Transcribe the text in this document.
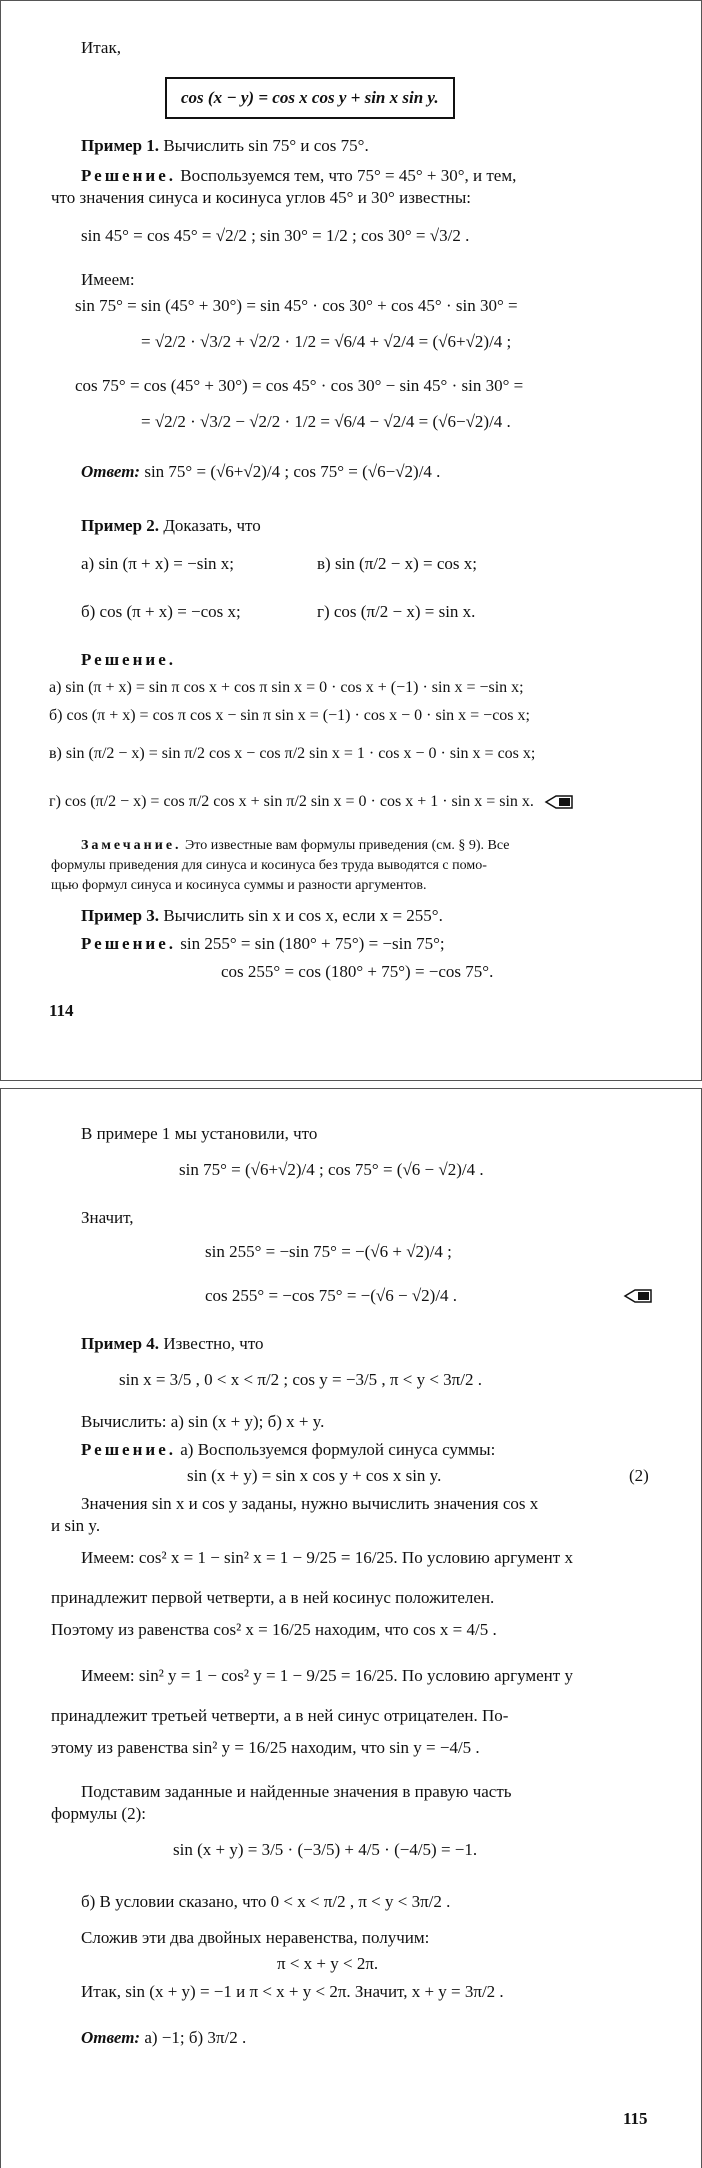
Итак,
cos (x − y) = cos x cos y + sin x sin y.
Пример 1. Вычислить sin 75° и cos 75°.
Решение. Воспользуемся тем, что 75° = 45° + 30°, и тем,
что значения синуса и косинуса углов 45° и 30° известны:
sin 45° = cos 45° = √2/2 ; sin 30° = 1/2 ; cos 30° = √3/2 .
Имеем:
sin 75° = sin (45° + 30°) = sin 45° · cos 30° + cos 45° · sin 30° =
= √2/2 · √3/2 + √2/2 · 1/2 = √6/4 + √2/4 = (√6+√2)/4 ;
cos 75° = cos (45° + 30°) = cos 45° · cos 30° − sin 45° · sin 30° =
= √2/2 · √3/2 − √2/2 · 1/2 = √6/4 − √2/4 = (√6−√2)/4 .
Ответ: sin 75° = (√6+√2)/4 ; cos 75° = (√6−√2)/4 .
Пример 2. Доказать, что
а) sin (π + x) = −sin x;	в) sin (π/2 − x) = cos x;
б) cos (π + x) = −cos x;	г) cos (π/2 − x) = sin x.
Решение.
а) sin (π + x) = sin π cos x + cos π sin x = 0 · cos x + (−1) · sin x = −sin x;
б) cos (π + x) = cos π cos x − sin π sin x = (−1) · cos x − 0 · sin x = −cos x;
в) sin (π/2 − x) = sin π/2 cos x − cos π/2 sin x = 1 · cos x − 0 · sin x = cos x;
г) cos (π/2 − x) = cos π/2 cos x + sin π/2 sin x = 0 · cos x + 1 · sin x = sin x.
Замечание. Это известные вам формулы приведения (см. § 9). Все
формулы приведения для синуса и косинуса без труда выводятся с помо-
щью формул синуса и косинуса суммы и разности аргументов.
Пример 3. Вычислить sin x и cos x, если x = 255°.
Решение. sin 255° = sin (180° + 75°) = −sin 75°;
cos 255° = cos (180° + 75°) = −cos 75°.
114
В примере 1 мы установили, что
sin 75° = (√6+√2)/4 ; cos 75° = (√6 − √2)/4 .
Значит,
sin 255° = −sin 75° = −(√6 + √2)/4 ;
cos 255° = −cos 75° = −(√6 − √2)/4 .
Пример 4. Известно, что
sin x = 3/5 , 0 < x < π/2 ; cos y = −3/5 , π < y < 3π/2 .
Вычислить: а) sin (x + y); б) x + y.
Решение. а) Воспользуемся формулой синуса суммы:
sin (x + y) = sin x cos y + cos x sin y.	(2)
Значения sin x и cos y заданы, нужно вычислить значения cos x
и sin y.
Имеем: cos² x = 1 − sin² x = 1 − 9/25 = 16/25. По условию аргумент x
принадлежит первой четверти, а в ней косинус положителен.
Поэтому из равенства cos² x = 16/25 находим, что cos x = 4/5 .
Имеем: sin² y = 1 − cos² y = 1 − 9/25 = 16/25. По условию аргумент y
принадлежит третьей четверти, а в ней синус отрицателен. По-
этому из равенства sin² y = 16/25 находим, что sin y = −4/5 .
Подставим заданные и найденные значения в правую часть
формулы (2):
sin (x + y) = 3/5 · (−3/5) + 4/5 · (−4/5) = −1.
б) В условии сказано, что 0 < x < π/2 , π < y < 3π/2 .
Сложив эти два двойных неравенства, получим:
π < x + y < 2π.
Итак, sin (x + y) = −1 и π < x + y < 2π. Значит, x + y = 3π/2 .
Ответ: а) −1; б) 3π/2 .
115
